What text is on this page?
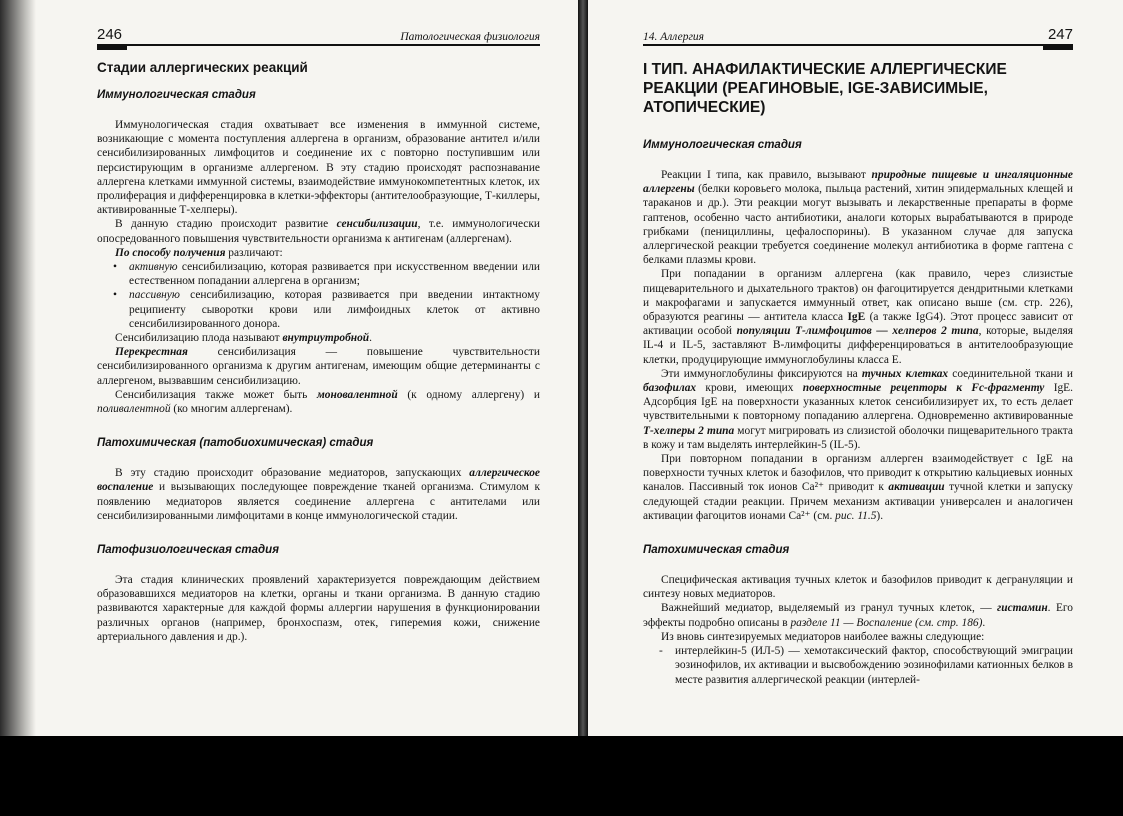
246	Патологическая физиология
Стадии аллергических реакций
Иммунологическая стадия

Иммунологическая стадия охватывает все изменения в иммунной системе, возникающие с момента поступления аллергена в организм, образование антител и/или сенсибилизированных лимфоцитов и соединение их с повторно поступившим или персистирующим в организме аллергеном. В эту стадию происходят распознавание аллергена клетками иммунной системы, взаимодействие иммунокомпетентных клеток, их пролиферация и дифференцировка в клетки-эффекторы (антителообразующие, Т-киллеры, активированные Т-хелперы).

В данную стадию происходит развитие сенсибилизации, т.е. иммунологически опосредованного повышения чувствительности организма к антигенам (аллергенам).

По способу получения различают:

• активную сенсибилизацию, которая развивается при искусственном введении или естественном попадании аллергена в организм;
• пассивную сенсибилизацию, которая развивается при введении интактному реципиенту сыворотки крови или лимфоидных клеток от активно сенсибилизированного донора.

Сенсибилизацию плода называют внутриутробной.

Перекрестная сенсибилизация — повышение чувствительности сенсибилизированного организма к другим антигенам, имеющим общие детерминанты с аллергеном, вызвавшим сенсибилизацию.

Сенсибилизация также может быть моновалентной (к одному аллергену) и поливалентной (ко многим аллергенам).

Патохимическая (патобиохимическая) стадия

В эту стадию происходит образование медиаторов, запускающих аллергическое воспаление и вызывающих последующее повреждение тканей организма. Стимулом к появлению медиаторов является соединение аллергена с антителами или сенсибилизированными лимфоцитами в конце иммунологической стадии.

Патофизиологическая стадия

Эта стадия клинических проявлений характеризуется повреждающим действием образовавшихся медиаторов на клетки, органы и ткани организма. В данную стадию развиваются характерные для каждой формы аллергии нарушения в функционировании различных органов (например, бронхоспазм, отек, гиперемия кожи, снижение артериального давления и др.).

14. Аллергия	247
I ТИП. АНАФИЛАКТИЧЕСКИЕ АЛЛЕРГИЧЕСКИЕ РЕАКЦИИ (РЕАГИНОВЫЕ, IGE-ЗАВИСИМЫЕ, АТОПИЧЕСКИЕ)
Иммунологическая стадия

Реакции I типа, как правило, вызывают природные пищевые и ингаляционные аллергены (белки коровьего молока, пыльца растений, хитин эпидермальных клещей и тараканов и др.). Эти реакции могут вызывать и лекарственные препараты в форме гаптенов, особенно часто антибиотики, аналоги которых вырабатываются в природе грибками (пенициллины, цефалоспорины). В указанном случае для запуска аллергической реакции требуется соединение молекул антибиотика в форме гаптена с белками плазмы крови.

При попадании в организм аллергена (как правило, через слизистые пищеварительного и дыхательного трактов) он фагоцитируется дендритными клетками и макрофагами и запускается иммунный ответ, как описано выше (см. стр. 226), образуются реагины — антитела класса IgE (а также IgG4). Этот процесс зависит от активации особой популяции Т-лимфоцитов — хелперов 2 типа, которые, выделяя IL-4 и IL-5, заставляют В-лимфоциты дифференцироваться в антителообразующие клетки, продуцирующие иммуноглобулины класса Е.

Эти иммуноглобулины фиксируются на тучных клетках соединительной ткани и базофилах крови, имеющих поверхностные рецепторы к Fc-фрагменту IgE. Адсорбция IgE на поверхности указанных клеток сенсибилизирует их, то есть делает чувствительными к повторному попаданию аллергена. Одновременно активированные Т-хелперы 2 типа могут мигрировать из слизистой оболочки пищеварительного тракта в кожу и там выделять интерлейкин-5 (IL-5).

При повторном попадании в организм аллерген взаимодействует с IgE на поверхности тучных клеток и базофилов, что приводит к открытию кальциевых ионных каналов. Пассивный ток ионов Ca²⁺ приводит к активации тучной клетки и запуску следующей стадии реакции. Причем механизм активации универсален и аналогичен активации фагоцитов ионами Ca²⁺ (см. рис. 11.5).

Патохимическая стадия

Специфическая активация тучных клеток и базофилов приводит к дегрануляции и синтезу новых медиаторов.

Важнейший медиатор, выделяемый из гранул тучных клеток, — гистамин. Его эффекты подробно описаны в разделе 11 — Воспаление (см. стр. 186).

Из вновь синтезируемых медиаторов наиболее важны следующие:

- интерлейкин-5 (ИЛ-5) — хемотаксический фактор, способствующий эмиграции эозинофилов, их активации и высвобождению эозинофилами катионных белков в месте развития аллергической реакции (интерлей-
